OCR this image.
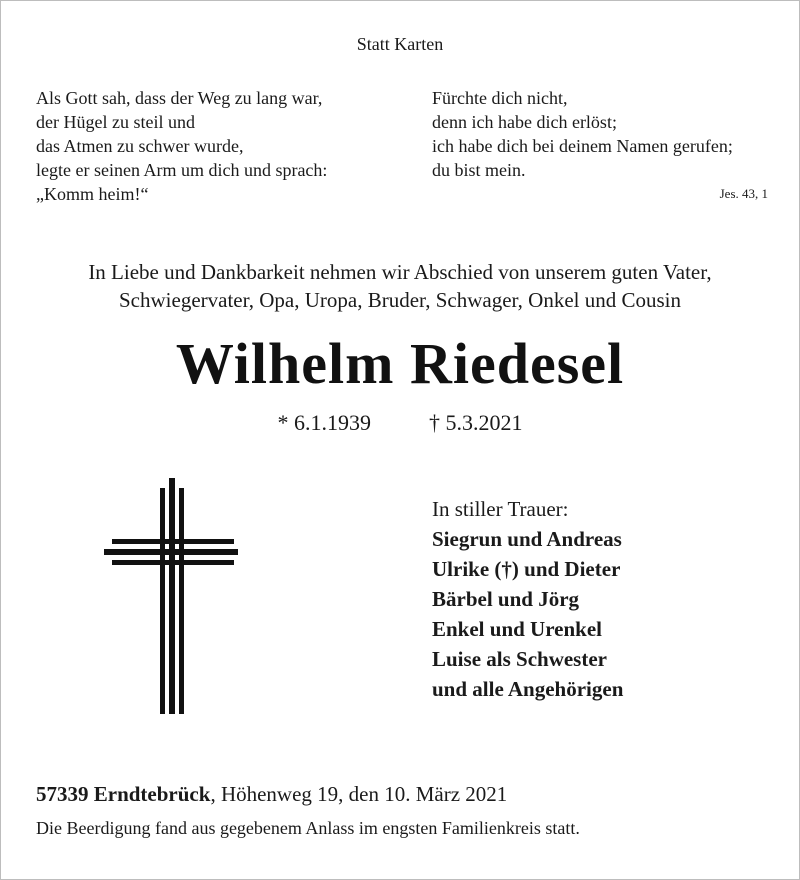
Statt Karten
Als Gott sah, dass der Weg zu lang war,
der Hügel zu steil und
das Atmen zu schwer wurde,
legte er seinen Arm um dich und sprach:
„Komm heim!“
Fürchte dich nicht,
denn ich habe dich erlöst;
ich habe dich bei deinem Namen gerufen;
du bist mein.
Jes. 43, 1
In Liebe und Dankbarkeit nehmen wir Abschied von unserem guten Vater,
Schwiegervater, Opa, Uropa, Bruder, Schwager, Onkel und Cousin
Wilhelm Riedesel
* 6.1.1939	† 5.3.2021
In stiller Trauer:
Siegrun und Andreas
Ulrike (†) und Dieter
Bärbel und Jörg
Enkel und Urenkel
Luise als Schwester
und alle Angehörigen
57339 Erndtebrück, Höhenweg 19, den 10. März 2021
Die Beerdigung fand aus gegebenem Anlass im engsten Familienkreis statt.
